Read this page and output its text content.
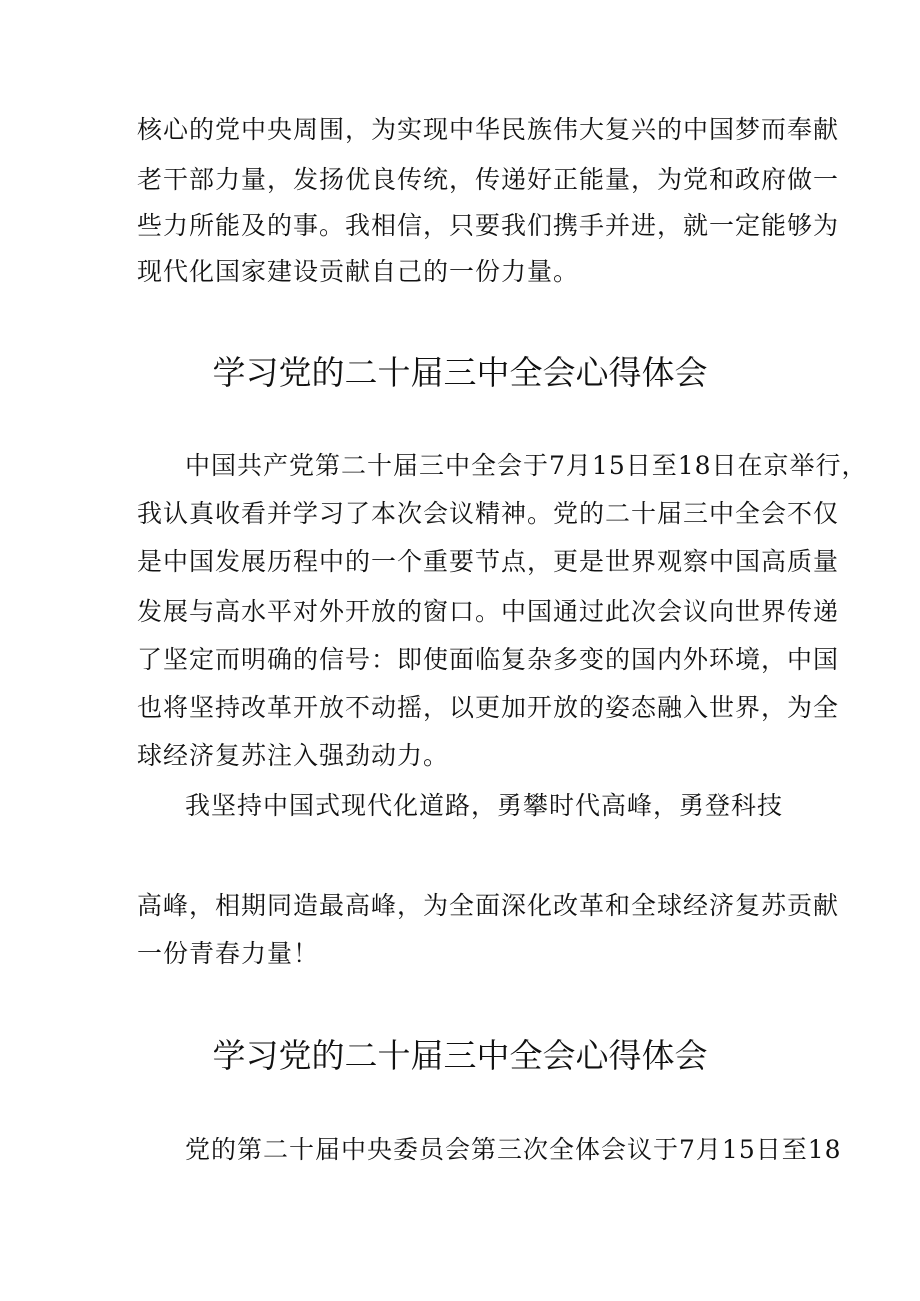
核心的党中央周围，为实现中华民族伟大复兴的中国梦而奉献
老干部力量，发扬优良传统，传递好正能量，为党和政府做一
些力所能及的事。我相信，只要我们携手并进，就一定能够为
现代化国家建设贡献自己的一份力量。
学习党的二十届三中全会心得体会
中国共产党第二十届三中全会于7月15日至18日在京举行，
我认真收看并学习了本次会议精神。党的二十届三中全会不仅
是中国发展历程中的一个重要节点，更是世界观察中国高质量
发展与高水平对外开放的窗口。中国通过此次会议向世界传递
了坚定而明确的信号：即使面临复杂多变的国内外环境，中国
也将坚持改革开放不动摇，以更加开放的姿态融入世界，为全
球经济复苏注入强劲动力。
我坚持中国式现代化道路，勇攀时代高峰，勇登科技
高峰，相期同造最高峰，为全面深化改革和全球经济复苏贡献
一份青春力量！
学习党的二十届三中全会心得体会
党的第二十届中央委员会第三次全体会议于7月15日至18
